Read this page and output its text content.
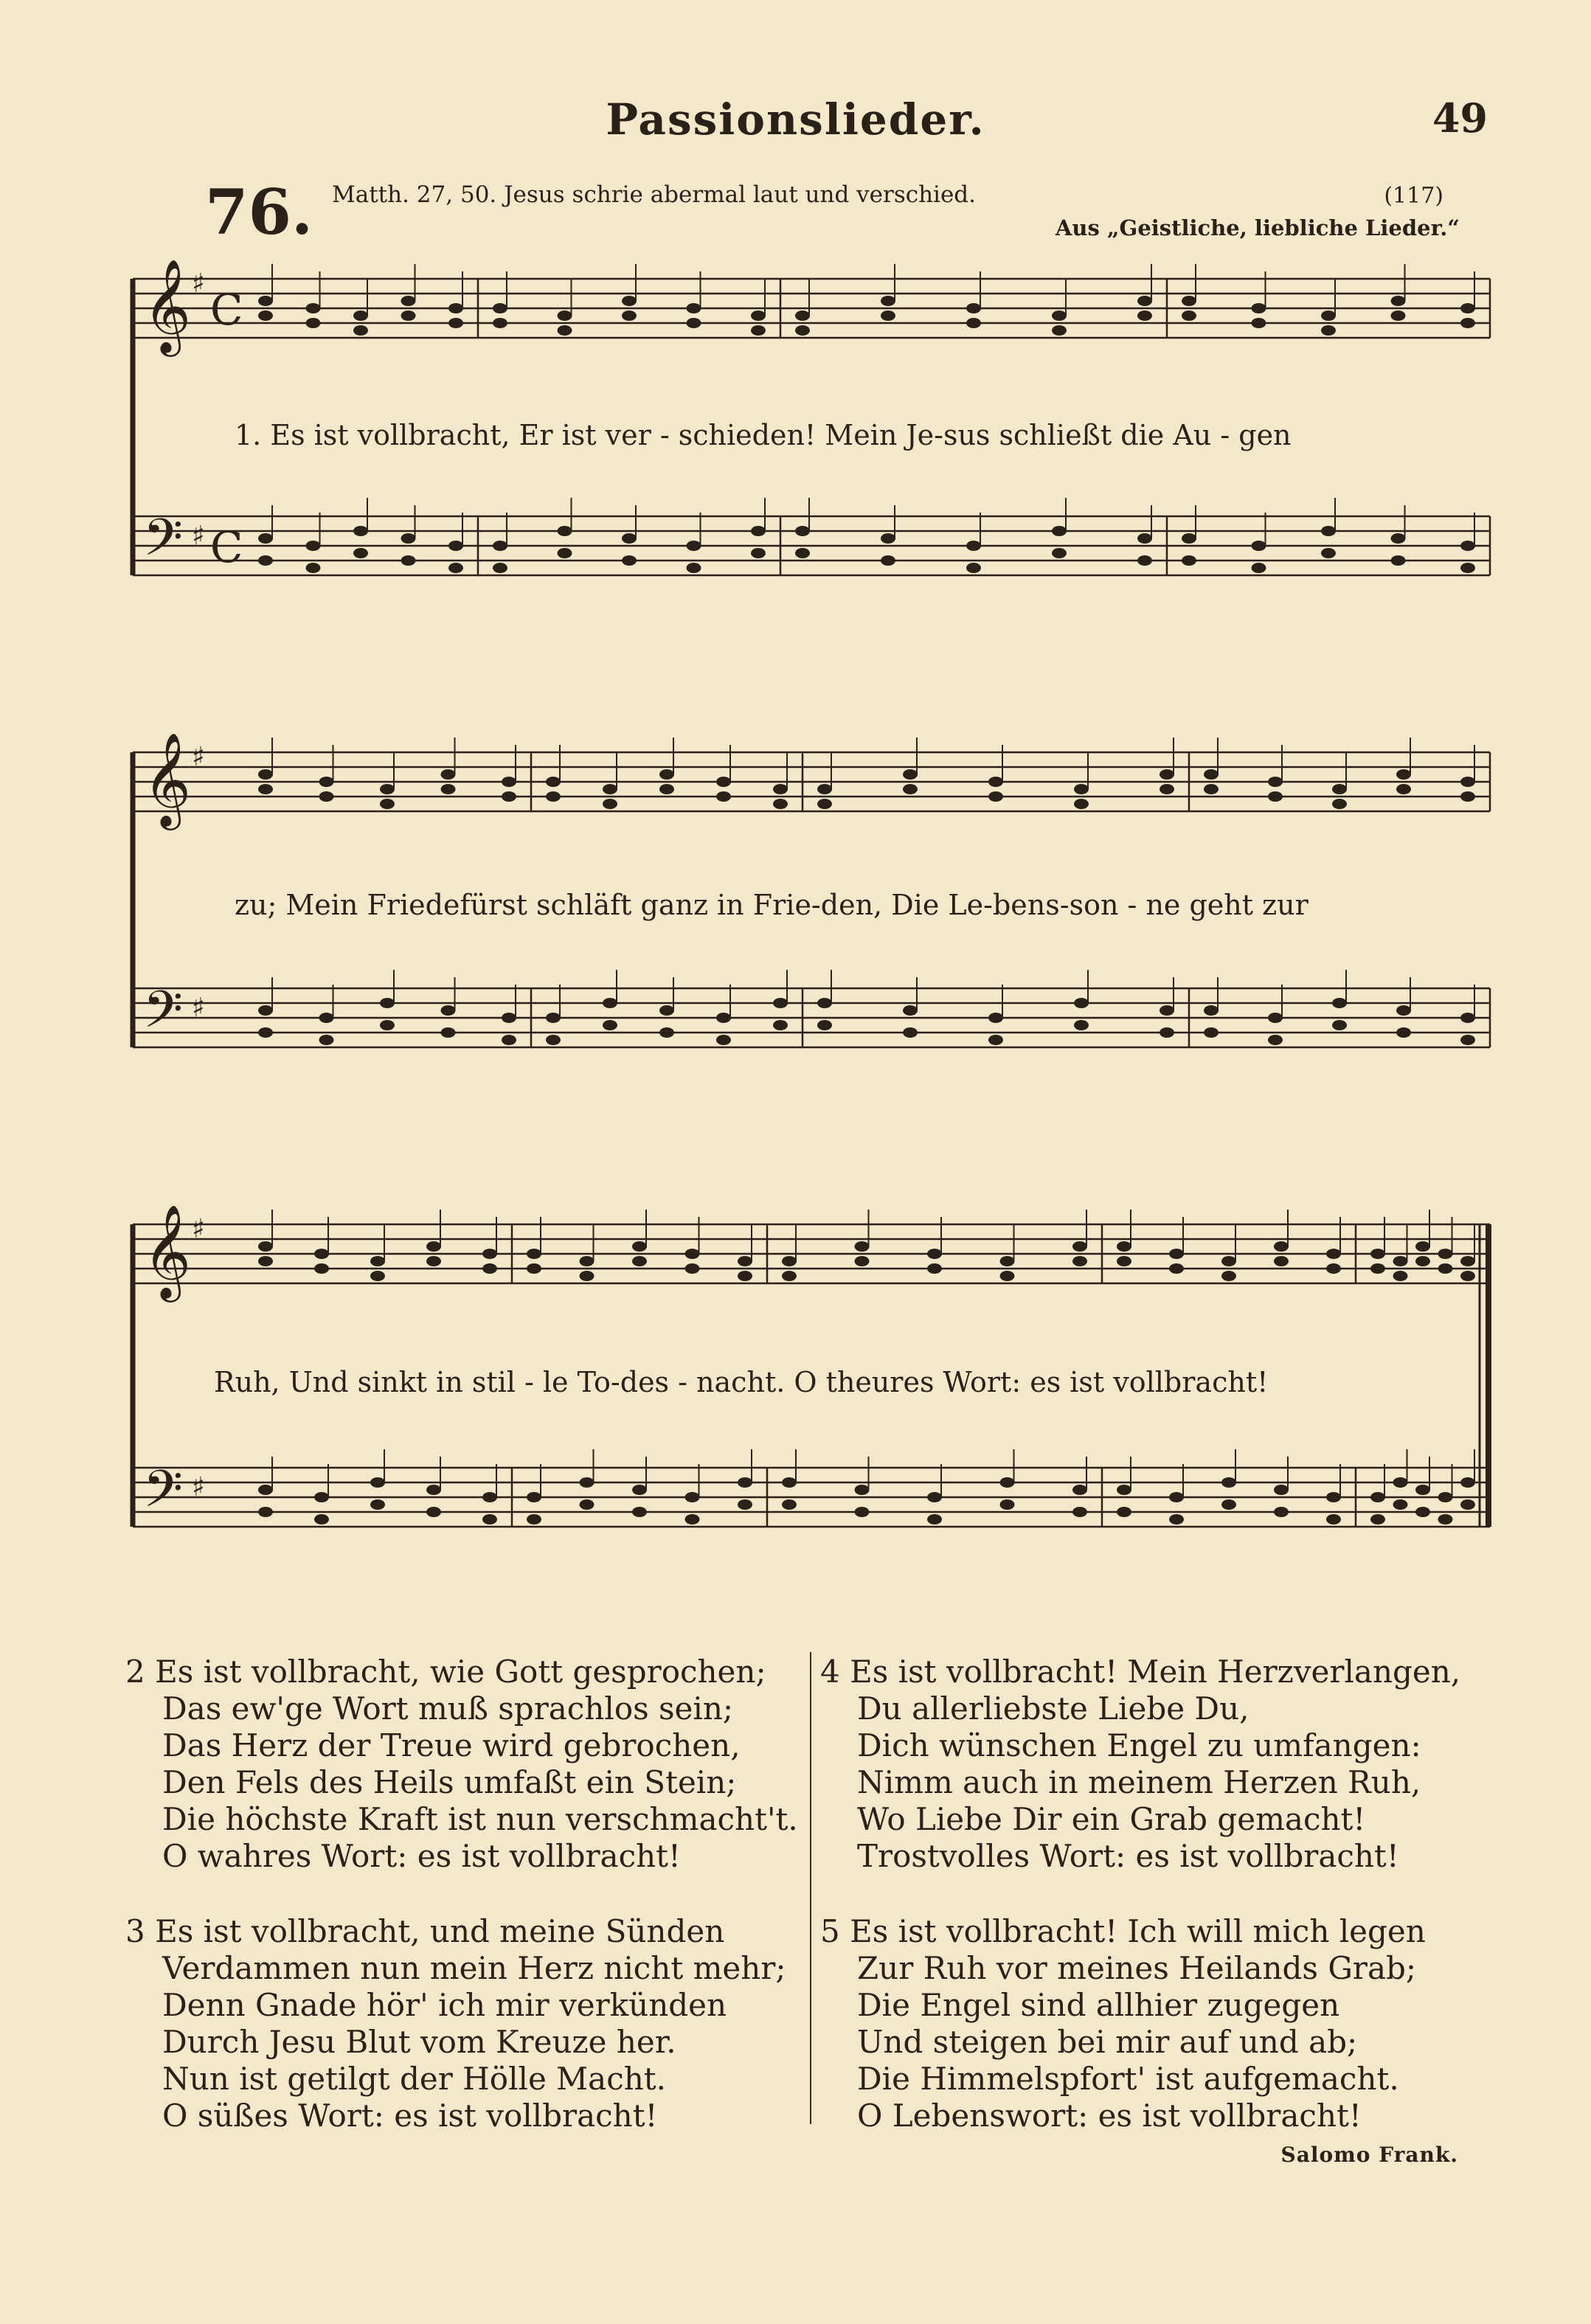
Passionslieder.	49
76. Matth. 27, 50. Jesus schrie abermal laut und verschied.	(117)
Aus „Geistliche, liebliche Lieder.“
𝄞
𝄢
♯
♯
C
C
𝄞
𝄢
♯
♯
𝄞
𝄢
♯
♯
1. Es ist vollbracht, Er ist ver - schieden! Mein Je-sus schließt die Au - gen
zu; Mein Friedefürst schläft ganz in Frie-den, Die Le-bens-son - ne geht zur
Ruh, Und sinkt in stil - le To-des - nacht. O theures Wort: es ist vollbracht!
2 Es ist vollbracht, wie Gott gesprochen;
Das ew'ge Wort muß sprachlos sein;
Das Herz der Treue wird gebrochen,
Den Fels des Heils umfaßt ein Stein;
Die höchste Kraft ist nun verschmacht't.
O wahres Wort: es ist vollbracht!
3 Es ist vollbracht, und meine Sünden
Verdammen nun mein Herz nicht mehr;
Denn Gnade hör' ich mir verkünden
Durch Jesu Blut vom Kreuze her.
Nun ist getilgt der Hölle Macht.
O süßes Wort: es ist vollbracht!
4 Es ist vollbracht! Mein Herzverlangen,
Du allerliebste Liebe Du,
Dich wünschen Engel zu umfangen:
Nimm auch in meinem Herzen Ruh,
Wo Liebe Dir ein Grab gemacht!
Trostvolles Wort: es ist vollbracht!
5 Es ist vollbracht! Ich will mich legen
Zur Ruh vor meines Heilands Grab;
Die Engel sind allhier zugegen
Und steigen bei mir auf und ab;
Die Himmelspfort' ist aufgemacht.
O Lebenswort: es ist vollbracht!
Salomo Frank.
